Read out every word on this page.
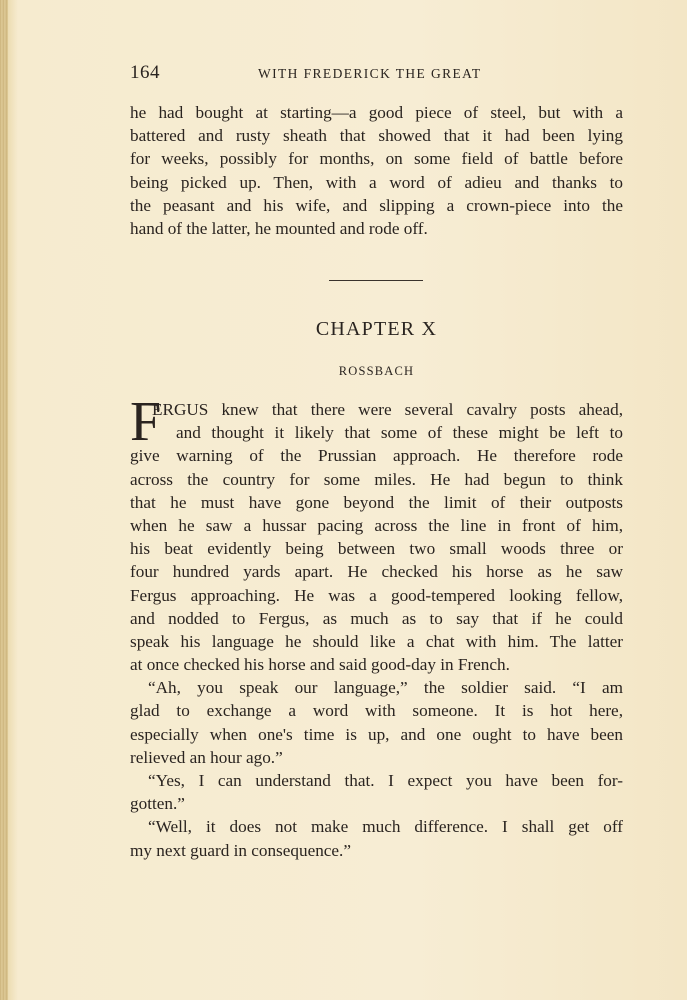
164	WITH FREDERICK THE GREAT
he had bought at starting—a good piece of steel, but with a
battered and rusty sheath that showed that it had been lying
for weeks, possibly for months, on some field of battle before
being picked up. Then, with a word of adieu and thanks to
the peasant and his wife, and slipping a crown-piece into the
hand of the latter, he mounted and rode off.
CHAPTER X
ROSSBACH
F
ERGUS knew that there were several cavalry posts ahead,
and thought it likely that some of these might be left to
give warning of the Prussian approach. He therefore rode
across the country for some miles. He had begun to think
that he must have gone beyond the limit of their outposts
when he saw a hussar pacing across the line in front of him,
his beat evidently being between two small woods three or
four hundred yards apart. He checked his horse as he saw
Fergus approaching. He was a good-tempered looking fellow,
and nodded to Fergus, as much as to say that if he could
speak his language he should like a chat with him. The latter
at once checked his horse and said good-day in French.
“Ah, you speak our language,” the soldier said. “I am
glad to exchange a word with someone. It is hot here,
especially when one's time is up, and one ought to have been
relieved an hour ago.”
“Yes, I can understand that. I expect you have been for-
gotten.”
“Well, it does not make much difference. I shall get off
my next guard in consequence.”
